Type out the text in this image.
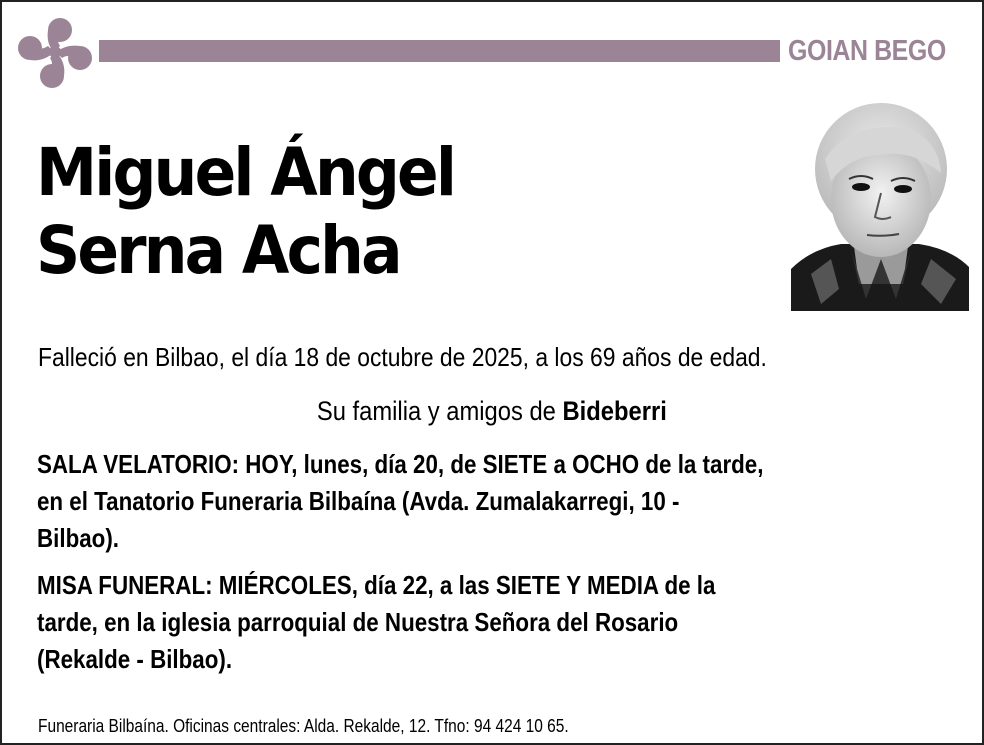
GOIAN BEGO
Miguel Ángel
Serna Acha
Falleció en Bilbao, el día 18 de octubre de 2025, a los 69 años de edad.
Su familia y amigos de Bideberri
SALA VELATORIO: HOY, lunes, día 20, de SIETE a OCHO de la tarde,
en el Tanatorio Funeraria Bilbaína (Avda. Zumalakarregi, 10 -
Bilbao).
MISA FUNERAL: MIÉRCOLES, día 22, a las SIETE Y MEDIA de la
tarde, en la iglesia parroquial de Nuestra Señora del Rosario
(Rekalde - Bilbao).
Funeraria Bilbaína. Oficinas centrales: Alda. Rekalde, 12. Tfno: 94 424 10 65.
